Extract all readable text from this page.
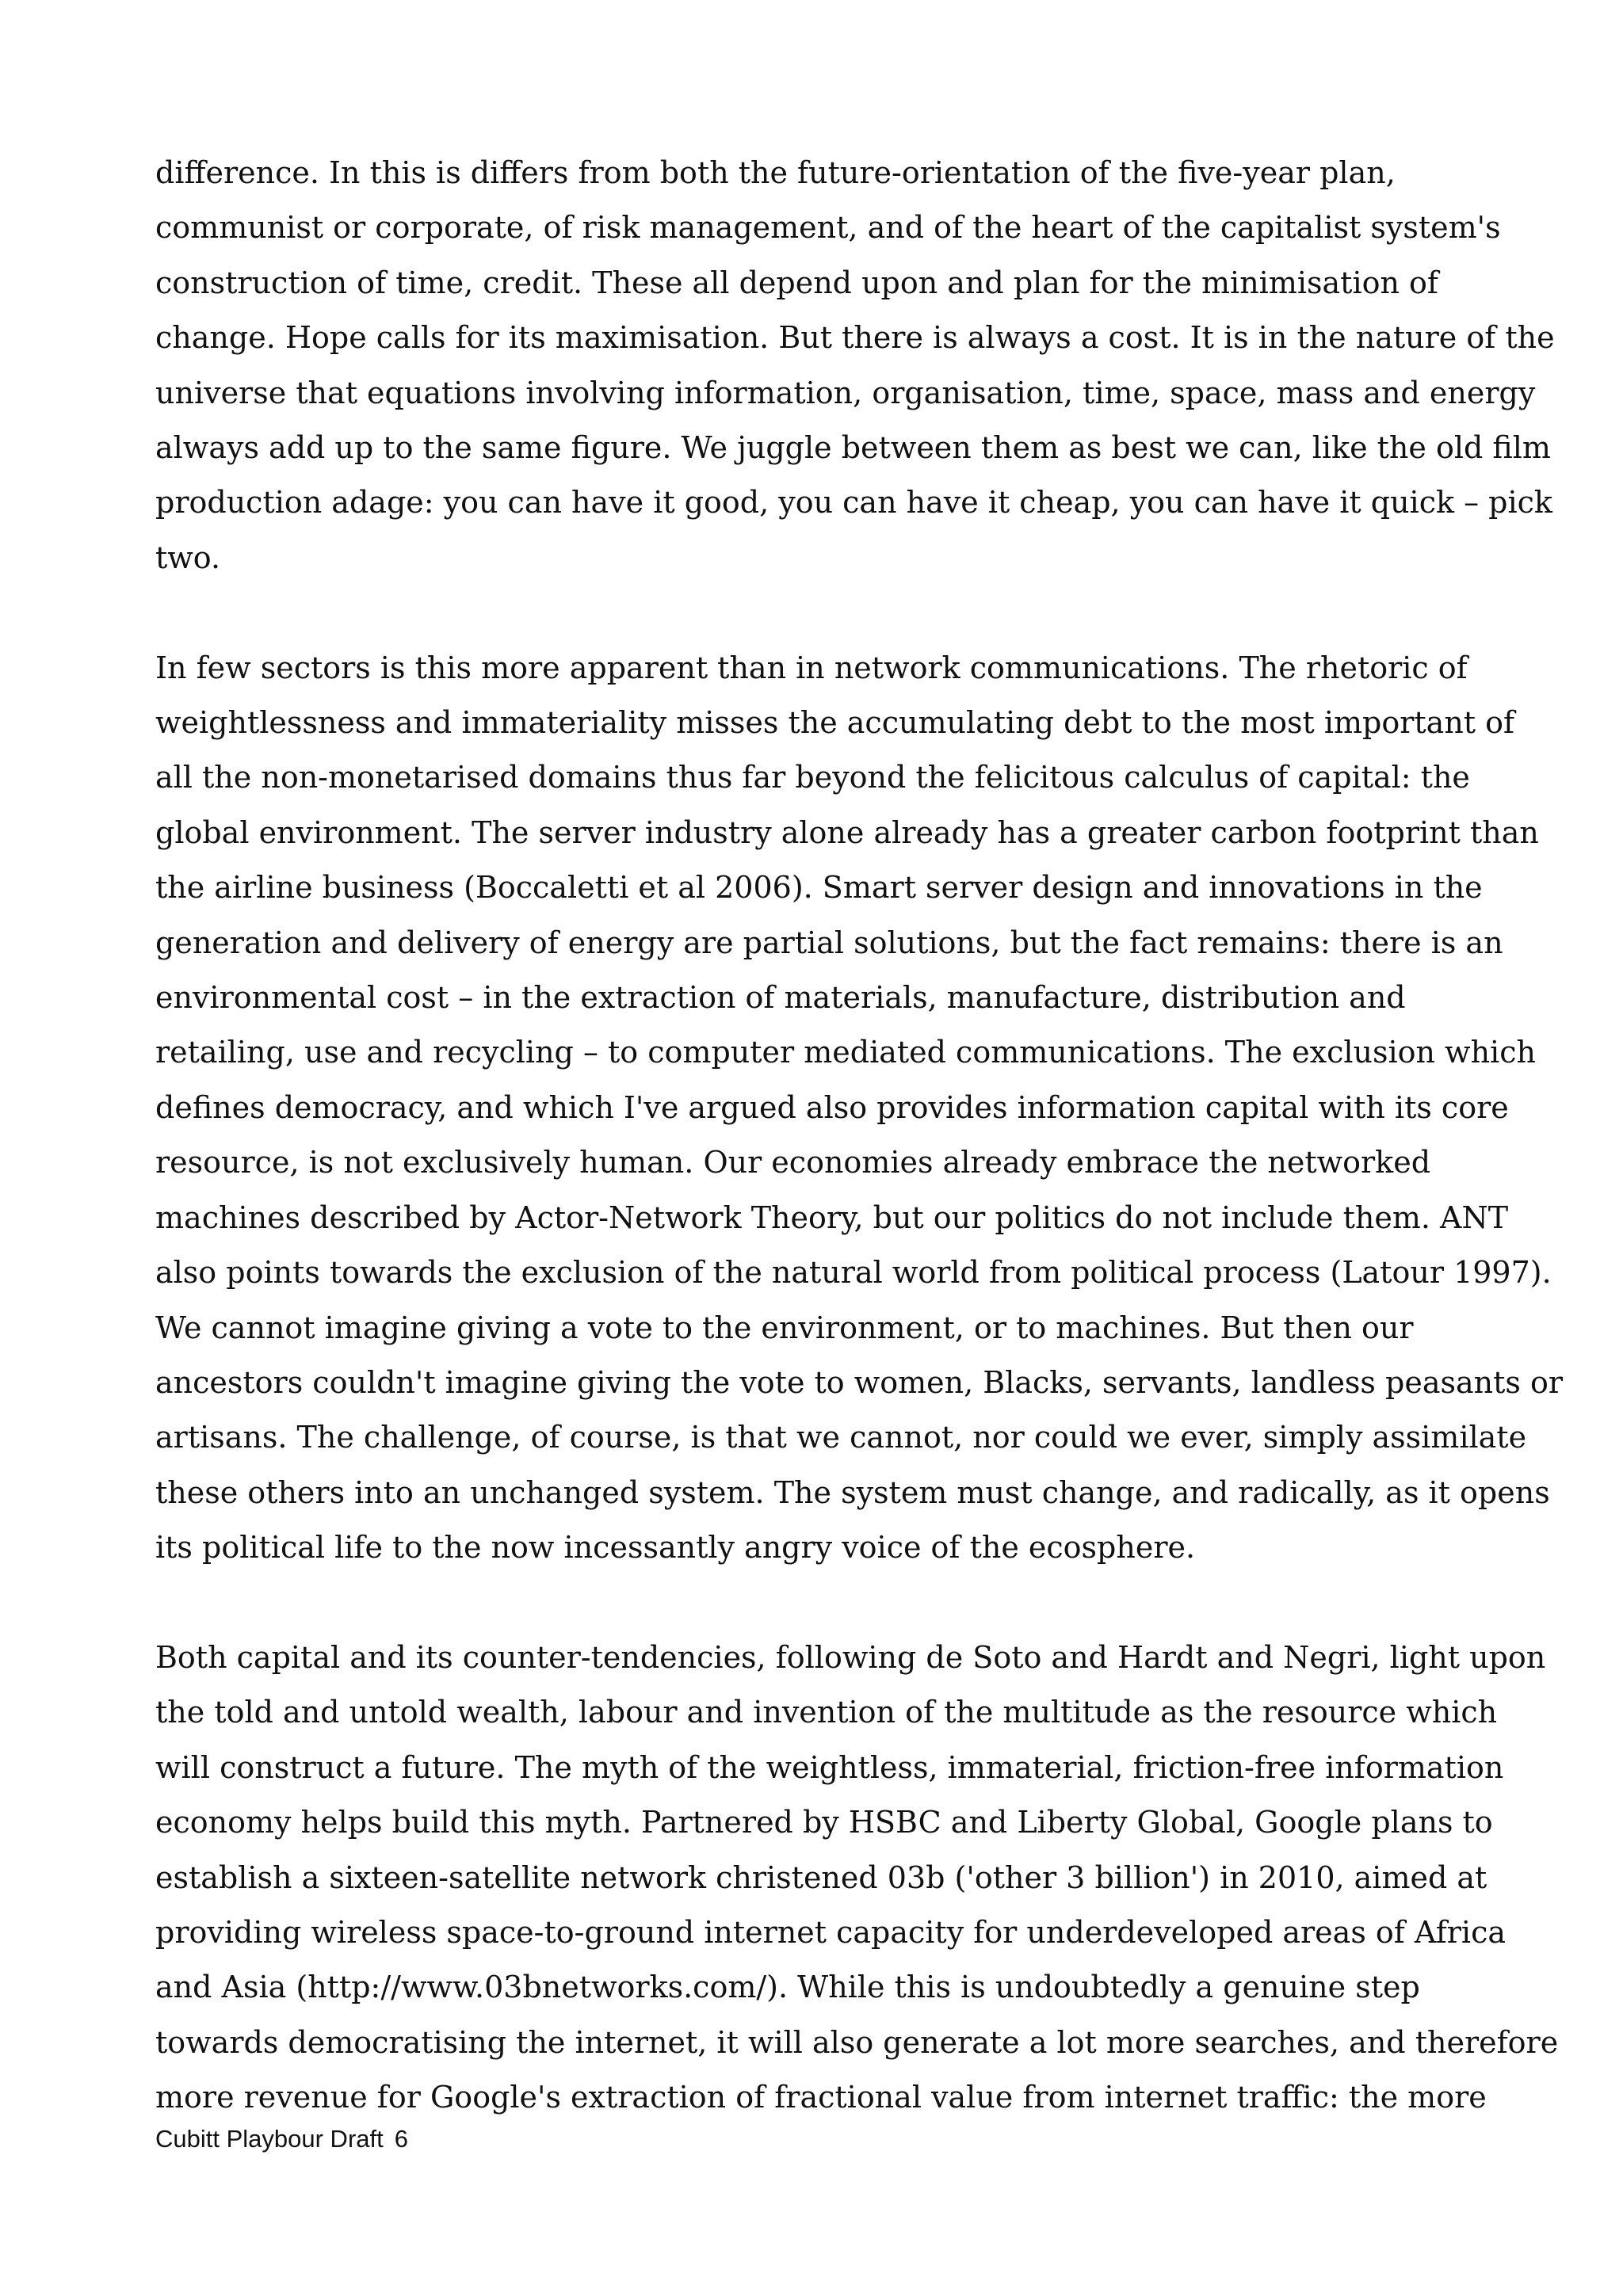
difference. In this is differs from both the future-orientation of the five-year plan,
communist or corporate, of risk management, and of the heart of the capitalist system's
construction of time, credit. These all depend upon and plan for the minimisation of
change. Hope calls for its maximisation. But there is always a cost. It is in the nature of the
universe that equations involving information, organisation, time, space, mass and energy
always add up to the same figure. We juggle between them as best we can, like the old film
production adage: you can have it good, you can have it cheap, you can have it quick – pick
two.

In few sectors is this more apparent than in network communications. The rhetoric of
weightlessness and immateriality misses the accumulating debt to the most important of
all the non-monetarised domains thus far beyond the felicitous calculus of capital: the
global environment. The server industry alone already has a greater carbon footprint than
the airline business (Boccaletti et al 2006). Smart server design and innovations in the
generation and delivery of energy are partial solutions, but the fact remains: there is an
environmental cost – in the extraction of materials, manufacture, distribution and
retailing, use and recycling – to computer mediated communications. The exclusion which
defines democracy, and which I've argued also provides information capital with its core
resource, is not exclusively human. Our economies already embrace the networked
machines described by Actor-Network Theory, but our politics do not include them. ANT
also points towards the exclusion of the natural world from political process (Latour 1997).
We cannot imagine giving a vote to the environment, or to machines. But then our
ancestors couldn't imagine giving the vote to women, Blacks, servants, landless peasants or
artisans. The challenge, of course, is that we cannot, nor could we ever, simply assimilate
these others into an unchanged system. The system must change, and radically, as it opens
its political life to the now incessantly angry voice of the ecosphere.

Both capital and its counter-tendencies, following de Soto and Hardt and Negri, light upon
the told and untold wealth, labour and invention of the multitude as the resource which
will construct a future. The myth of the weightless, immaterial, friction-free information
economy helps build this myth. Partnered by HSBC and Liberty Global, Google plans to
establish a sixteen-satellite network christened 03b ('other 3 billion') in 2010, aimed at
providing wireless space-to-ground internet capacity for underdeveloped areas of Africa
and Asia (http://www.03bnetworks.com/). While this is undoubtedly a genuine step
towards democratising the internet, it will also generate a lot more searches, and therefore
more revenue for Google's extraction of fractional value from internet traffic: the more

Cubitt Playbour Draft 6
